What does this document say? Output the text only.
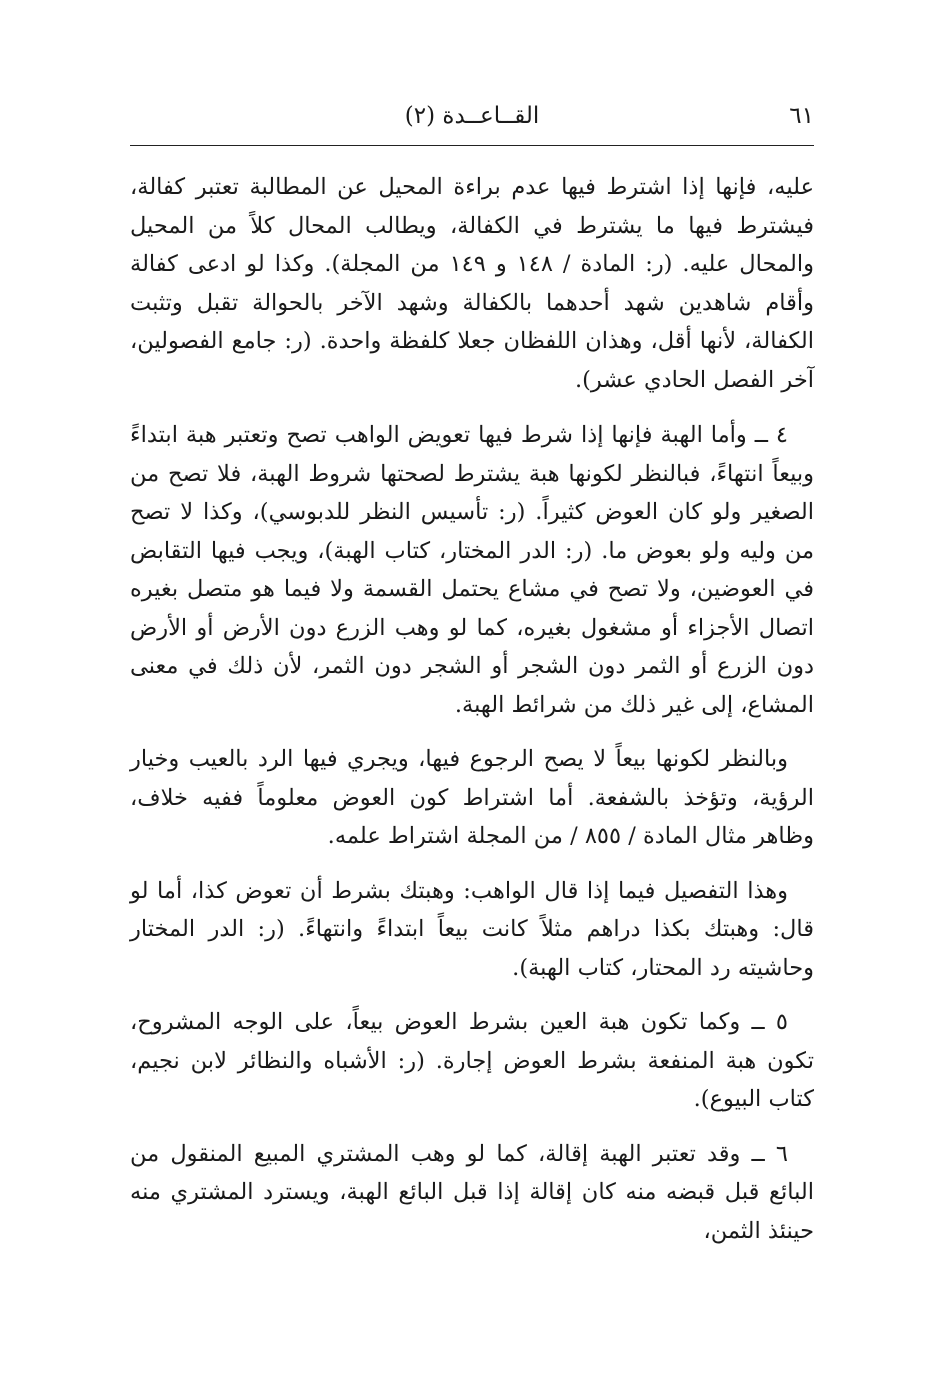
القــاعــدة (٢)	٦١

عليه، فإنها إذا اشترط فيها عدم براءة المحيل عن المطالبة تعتبر كفالة، فيشترط فيها ما يشترط في الكفالة، ويطالب المحال كلاً من المحيل والمحال عليه. (ر: المادة / ١٤٨ و ١٤٩ من المجلة). وكذا لو ادعى كفالة وأقام شاهدين شهد أحدهما بالكفالة وشهد الآخر بالحوالة تقبل وتثبت الكفالة، لأنها أقل، وهذان اللفظان جعلا كلفظة واحدة. (ر: جامع الفصولين، آخر الفصل الحادي عشر).

٤ ــ وأما الهبة فإنها إذا شرط فيها تعويض الواهب تصح وتعتبر هبة ابتداءً وبيعاً انتهاءً، فبالنظر لكونها هبة يشترط لصحتها شروط الهبة، فلا تصح من الصغير ولو كان العوض كثيراً. (ر: تأسيس النظر للدبوسي)، وكذا لا تصح من وليه ولو بعوض ما. (ر: الدر المختار، كتاب الهبة)، ويجب فيها التقابض في العوضين، ولا تصح في مشاع يحتمل القسمة ولا فيما هو متصل بغيره اتصال الأجزاء أو مشغول بغيره، كما لو وهب الزرع دون الأرض أو الأرض دون الزرع أو الثمر دون الشجر أو الشجر دون الثمر، لأن ذلك في معنى المشاع، إلى غير ذلك من شرائط الهبة.

وبالنظر لكونها بيعاً لا يصح الرجوع فيها، ويجري فيها الرد بالعيب وخيار الرؤية، وتؤخذ بالشفعة. أما اشتراط كون العوض معلوماً ففيه خلاف، وظاهر مثال المادة / ٨٥٥ / من المجلة اشتراط علمه.

وهذا التفصيل فيما إذا قال الواهب: وهبتك بشرط أن تعوض كذا، أما لو قال: وهبتك بكذا دراهم مثلاً كانت بيعاً ابتداءً وانتهاءً. (ر: الدر المختار وحاشيته رد المحتار، كتاب الهبة).

٥ ــ وكما تكون هبة العين بشرط العوض بيعاً، على الوجه المشروح، تكون هبة المنفعة بشرط العوض إجارة. (ر: الأشباه والنظائر لابن نجيم، كتاب البيوع).

٦ ــ وقد تعتبر الهبة إقالة، كما لو وهب المشتري المبيع المنقول من البائع قبل قبضه منه كان إقالة إذا قبل البائع الهبة، ويسترد المشتري منه حينئذ الثمن،
